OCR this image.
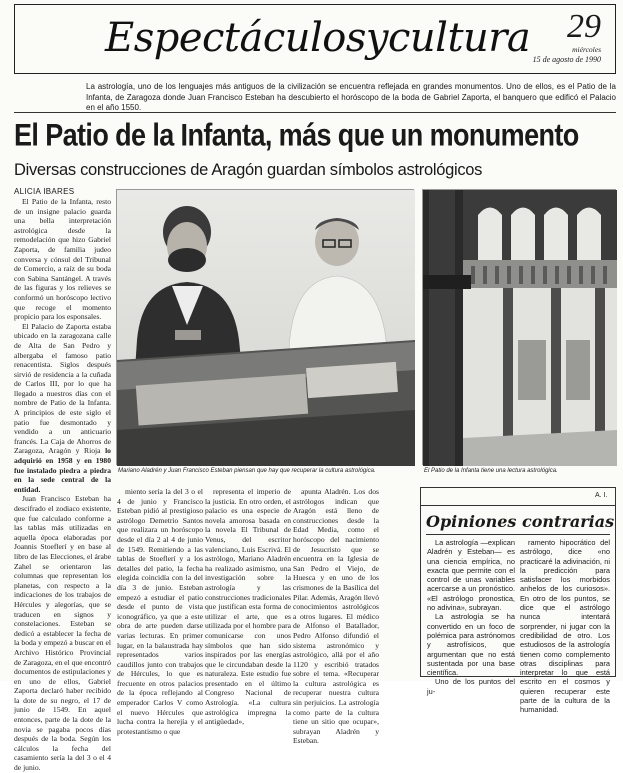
Espectáculosycultura 29
miércoles
15 de agosto de 1990
La astrología, uno de los lenguajes más antiguos de la civilización se encuentra reflejada en grandes monumentos. Uno de ellos, es el Patio de la Infanta, de Zaragoza donde Juan Francisco Esteban ha descubierto el horóscopo de la boda de Gabriel Zaporta, el banquero que edificó el Palacio en el año 1550.
El Patio de la Infanta, más que un monumento
Diversas construcciones de Aragón guardan símbolos astrológicos
ALICIA IBARES

El Patio de la Infanta, resto de un insigne palacio guarda una bella interpretación astrológica desde la remodelación que hizo Gabriel Zaporta, de familia judeo conversa y cónsul del Tribunal de Comercio, a raíz de su boda con Sabina Santángel. A través de las figuras y los relieves se conformó un horóscopo lectivo que recoge el momento propicio para los esponsales.

El Palacio de Zaporta estaba ubicado en la zaragozana calle de Alta de San Pedro y albergaba el famoso patio renacentista. Siglos después sirvió de residencia a la cuñada de Carlos III, por lo que ha llegado a nuestros días con el nombre de Patio de la Infanta. A principios de este siglo el patio fue desmontado y vendido a un anticuario francés. La Caja de Ahorros de Zaragoza, Aragón y Rioja lo adquirió en 1958 y en 1980 fue instalado piedra a piedra en la sede central de la entidad.

Juan Francisco Esteban ha descifrado el zodiaco existente, que fue calculado conforme a las tablas más utilizadas en aquella época elaboradas por Joannis Stoeflerí y en base al libro de las Elecciones, el árabe Zahel se orientaron las columnas que representan los planetas, con respecto a la indicaciones de los trabajos de Hércules y alegorías, que se traducen en signos y constelaciones. Esteban se dedicó a establecer la fecha de la boda y empezó a buscar en el Archivo Histórico Provincial de Zaragoza, en el que encontró documentos de estipulaciones y en uno de ellos, Gabriel Zaporta declaró haber recibido la dote de su negro, el 17 de junio de 1549. En aquel entonces, parte de la dote de la novia se pagaba pocos días después de la boda. Según los cálculos la fecha del casamiento sería la del 3 o el 4 de junio.

Mariano Aladrén y Juan Francisco Esteban piensan que hay que recuperar la cultura astrológica.	El Patio de la Infanta tiene una lectura astrológica.

miento sería la del 3 o el 4 de junio y Francisco Esteban pidió al prestigioso astrólogo Demetrio Santos que realizara un horóscopo desde el día 2 al 4 de junio de 1549. Remitiendo a las tablas de Stoeflerí y a los detalles del patio, la fecha elegida coincidía con la del día 3 de junio. Esteban empezó a estudiar el patio desde el punto de vista iconográfico, ya que a este obra de arte pueden darse varias lecturas. En primer lugar, en la balaustrada hay representados varios caudillos junto con trabajos de Hércules, lo que es frecuente en otros palacios de la época reflejando al emperador Carlos V como el nuevo Hércules que lucha contra la herejía y el protestantismo o que

representa el imperio de la justicia. En otro orden, el palacio es una especie de novela amorosa basada en la novela El Tribunal de Venus, del escritor valenciano, Luis Escrivá. El astrólogo, Mariano Aladrén ha realizado asimismo, una investigación sobre la astrología y las construcciones tradicionales que justifican esta forma de utilizar el arte, que es utilizada por el hombre para comunicarse con unos símbolos que han sido inspirados por las energías que le circundaban desde la naturaleza. Este estudio fue presentado en el último Congreso Nacional de Astrología. «La cultura astrológica impregna la antigüedad»,

apunta Aladrén. Los dos astrólogos indican que Aragón está lleno de construcciones desde la Edad Media, como el horóscopo del nacimiento de Jesucristo que se encuentra en la Iglesia de San Pedro el Viejo, de Huesca y en uno de los crismones de la Basílica del Pilar. Además, Aragón llevó conocimientos astrológicos a otros lugares. El médico de Alfonso el Batallador, Pedro Alfonso difundió el sistema astronómico y astrológico, allá por el año 1120 y escribió tratados sobre el tema. «Recuperar la cultura astrológica es recuperar nuestra cultura sin perjuicios. La astrología como parte de la cultura tiene un sitio que ocupar», subrayan Aladrén y Esteban.

A. I.
Opiniones contrarias

La astrología —explican Aladrén y Esteban— es una ciencia empírica, no exacta que permite con el control de unas variables acercarse a un pronóstico. «El astrólogo pronostica, no adivina», subrayan.

La astrología se ha convertido en un foco de polémica para astrónomos y astrofísicos, que argumentan que no está sustentada por una base científica.

Uno de los puntos del ju-

ramento hipocrático del astrólogo, dice «no practicaré la adivinación, ni la predicción para satisfacer los morbidos anhelos de los curiosos». En otro de los puntos, se dice que el astrólogo nunca intentará sorprender, ni jugar con la credibilidad de otro. Los estudiosos de la astrología tienen como complemento otras disciplinas para interpretar lo que está escrito en el cosmos y quieren recuperar este parte de la cultura de la humanidad.
